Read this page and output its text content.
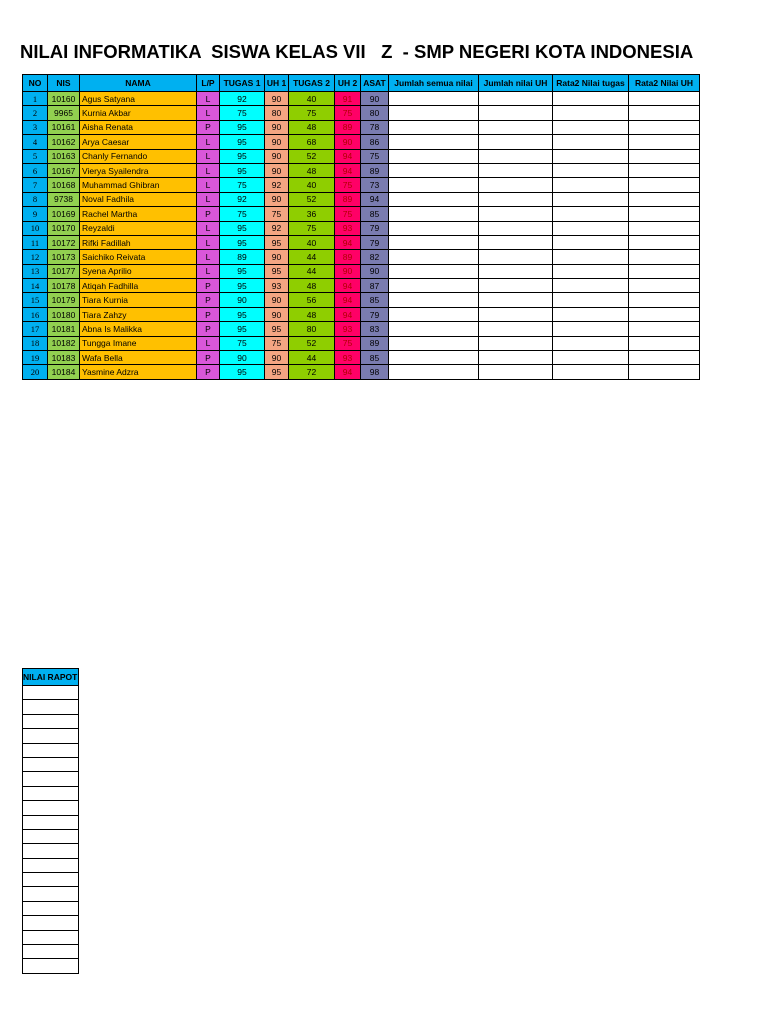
NILAI INFORMATIKA  SISWA KELAS VII   Z  - SMP NEGERI KOTA INDONESIA
NO	NIS	NAMA	L/P	TUGAS 1	UH 1	TUGAS 2	UH 2	ASAT	Jumlah semua nilai	Jumlah nilai UH	Rata2 Nilai tugas	Rata2 Nilai UH
1	10160	Agus Satyana	L	92	90	40	91	90				
2	9965	Kurnia Akbar	L	75	80	75	75	80				
3	10161	Aisha Renata	P	95	90	48	89	78				
4	10162	Arya Caesar	L	95	90	68	90	86				
5	10163	Chanly Fernando	L	95	90	52	94	75				
6	10167	Vierya Syailendra	L	95	90	48	94	89				
7	10168	Muhammad Ghibran	L	75	92	40	75	73				
8	9738	Noval Fadhila	L	92	90	52	89	94				
9	10169	Rachel Martha	P	75	75	36	75	85				
10	10170	Reyzaldi	L	95	92	75	93	79				
11	10172	Rifki Fadillah	L	95	95	40	94	79				
12	10173	Saichiko Reivata	L	89	90	44	89	82				
13	10177	Syena Aprilio	L	95	95	44	90	90				
14	10178	Atiqah Fadhilla	P	95	93	48	94	87				
15	10179	Tiara Kurnia	P	90	90	56	94	85				
16	10180	Tiara Zahzy	P	95	90	48	94	79				
17	10181	Abna Is Malikka	P	95	95	80	93	83				
18	10182	Tungga Imane	L	75	75	52	75	89				
19	10183	Wafa Bella	P	90	90	44	93	85				
20	10184	Yasmine Adzra	P	95	95	72	94	98				
NILAI RAPOT
